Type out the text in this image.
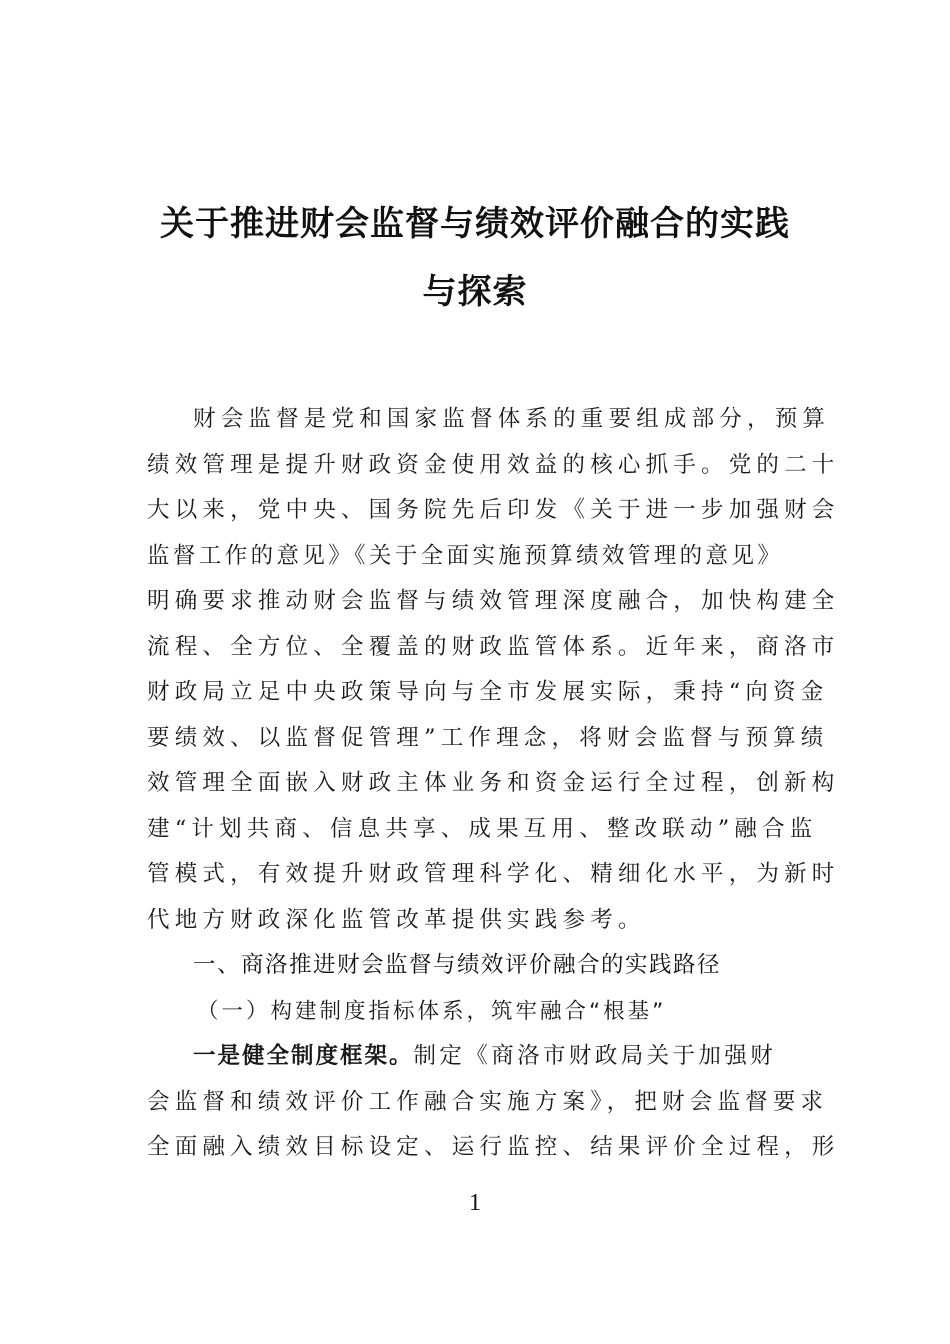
关于推进财会监督与绩效评价融合的实践
与探索
财会监督是党和国家监督体系的重要组成部分，预算
绩效管理是提升财政资金使用效益的核心抓手。党的二十
大以来，党中央、国务院先后印发《关于进一步加强财会
监督工作的意见》《关于全面实施预算绩效管理的意见》
明确要求推动财会监督与绩效管理深度融合，加快构建全
流程、全方位、全覆盖的财政监管体系。近年来，商洛市
财政局立足中央政策导向与全市发展实际，秉持“向资金
要绩效、以监督促管理”工作理念，将财会监督与预算绩
效管理全面嵌入财政主体业务和资金运行全过程，创新构
建“计划共商、信息共享、成果互用、整改联动”融合监
管模式，有效提升财政管理科学化、精细化水平，为新时
代地方财政深化监管改革提供实践参考。
一、商洛推进财会监督与绩效评价融合的实践路径
（一）构建制度指标体系，筑牢融合“根基”
一是健全制度框架。制定《商洛市财政局关于加强财
会监督和绩效评价工作融合实施方案》，把财会监督要求
全面融入绩效目标设定、运行监控、结果评价全过程，形
1
